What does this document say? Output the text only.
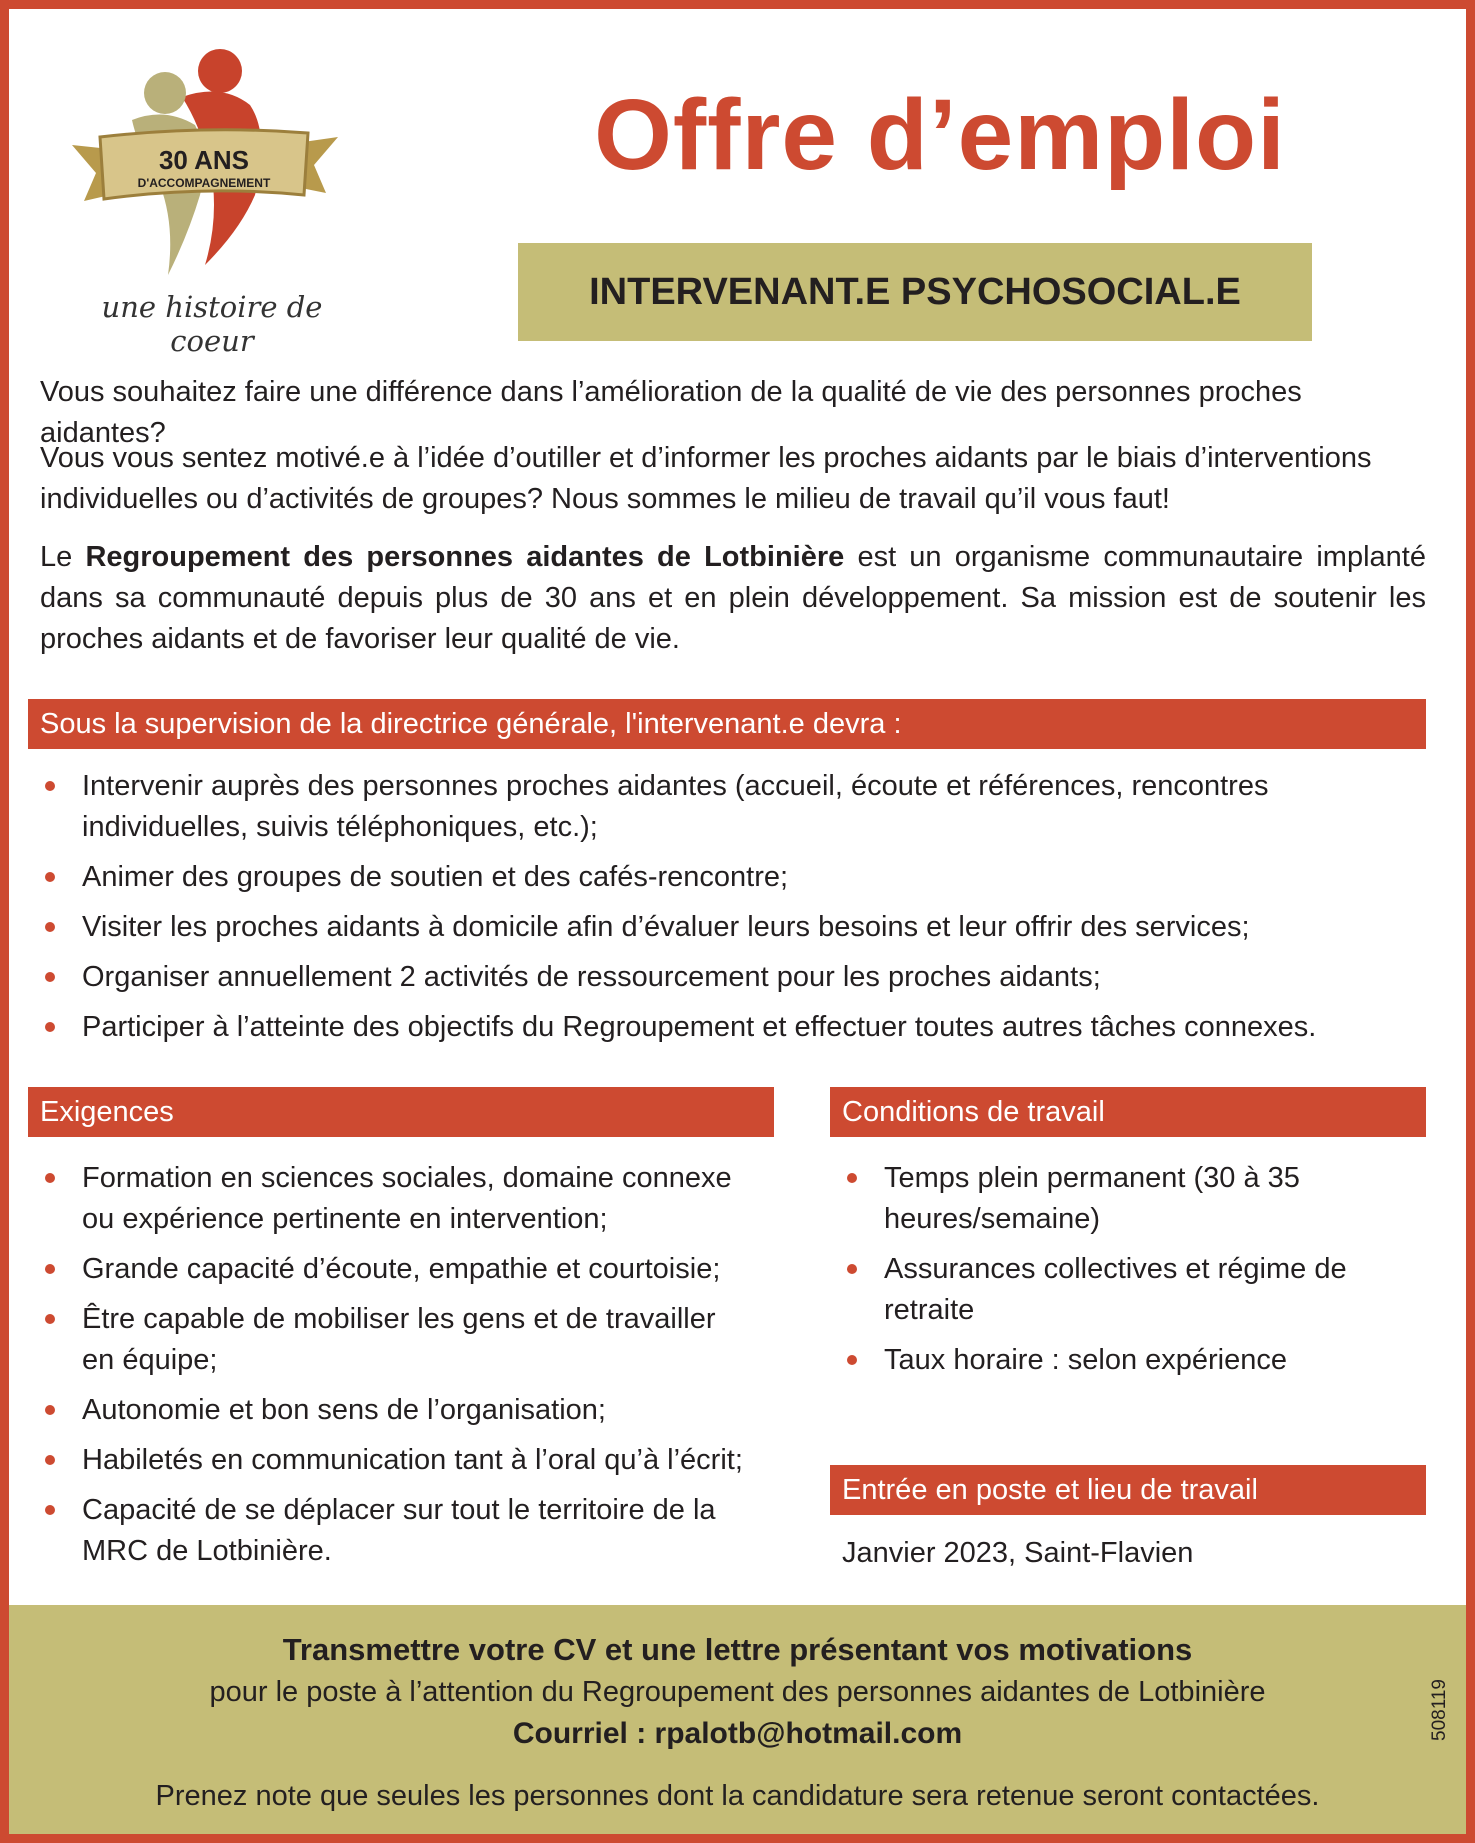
30 ANS
D'ACCOMPAGNEMENT
une histoire de coeur
Offre d’emploi
INTERVENANT.E PSYCHOSOCIAL.E
Vous souhaitez faire une différence dans l’amélioration de la qualité de vie des personnes proches aidantes?
Vous vous sentez motivé.e à l’idée d’outiller et d’informer les proches aidants par le biais d’interventions individuelles ou d’activités de groupes? Nous sommes le milieu de travail qu’il vous faut!
Le Regroupement des personnes aidantes de Lotbinière est un organisme communautaire implanté dans sa communauté depuis plus de 30 ans et en plein développement. Sa mission est de soutenir les proches aidants et de favoriser leur qualité de vie.
Sous la supervision de la directrice générale, l'intervenant.e devra :
Intervenir auprès des personnes proches aidantes (accueil, écoute et références, rencontres individuelles, suivis téléphoniques, etc.);
Animer des groupes de soutien et des cafés-rencontre;
Visiter les proches aidants à domicile afin d’évaluer leurs besoins et leur offrir des services;
Organiser annuellement 2 activités de ressourcement pour les proches aidants;
Participer à l’atteinte des objectifs du Regroupement et effectuer toutes autres tâches connexes.
Exigences
Formation en sciences sociales, domaine connexe ou expérience pertinente en intervention;
Grande capacité d’écoute, empathie et courtoisie;
Être capable de mobiliser les gens et de travailler en équipe;
Autonomie et bon sens de l’organisation;
Habiletés en communication tant à l’oral qu’à l’écrit;
Capacité de se déplacer sur tout le territoire de la MRC de Lotbinière.
Conditions de travail
Temps plein permanent (30 à 35 heures/semaine)
Assurances collectives et régime de retraite
Taux horaire : selon expérience
Entrée en poste et lieu de travail
Janvier 2023, Saint-Flavien
Transmettre votre CV et une lettre présentant vos motivations
pour le poste à l’attention du Regroupement des personnes aidantes de Lotbinière
Courriel : rpalotb@hotmail.com
Prenez note que seules les personnes dont la candidature sera retenue seront contactées.
508119
